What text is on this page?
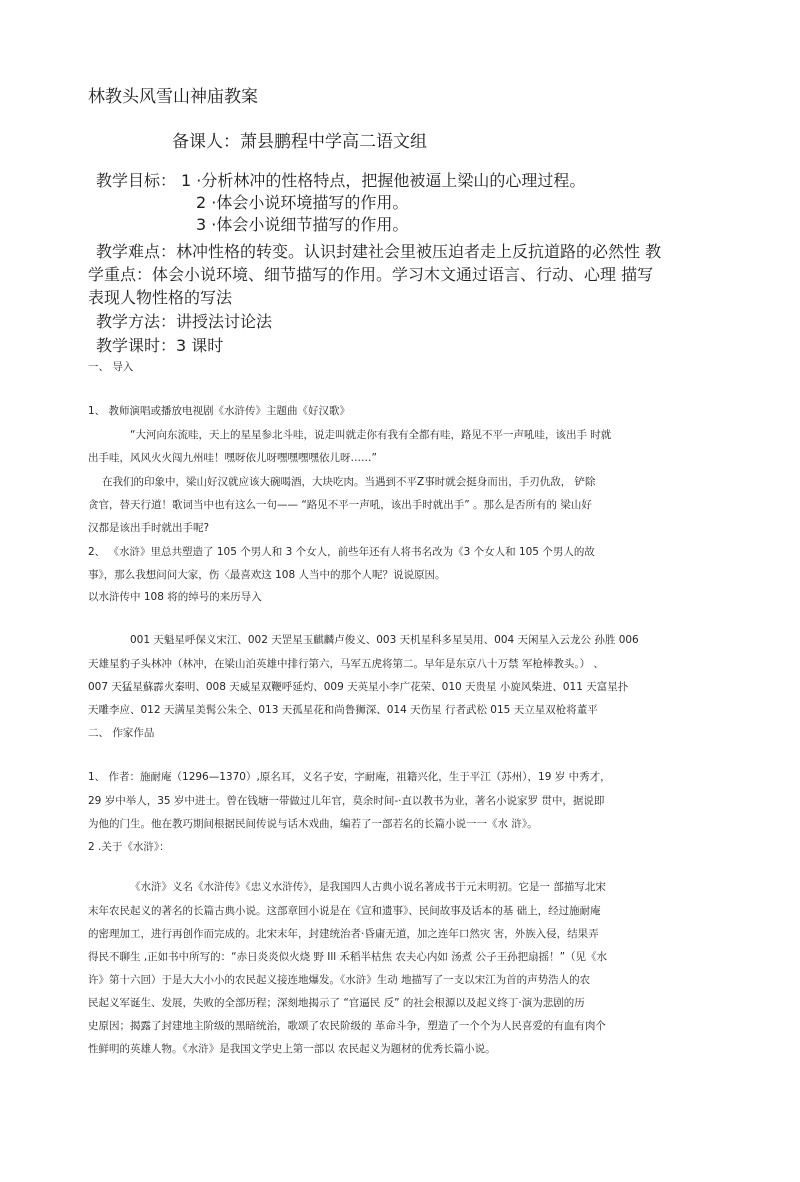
林教头风雪山神庙教案

备课人：萧县鹏程中学高二语文组

教学目标： 1 ·分析林冲的性格特点，把握他被逼上梁山的心理过程。

2 ·体会小说环境描写的作用。

3 ·体会小说细节描写的作用。

教学难点：林冲性格的转变。认识封建社会里被压迫者走上反抗道路的必然性 教

学重点：体会小说环境、细节描写的作用。学习木文通过语言、行动、心理 描写

表现人物性格的写法

教学方法：讲授法讨论法

教学课时：3 课时

一、 导入

1、 教师演唱或播放电视剧《水浒传》主题曲《好汉歌》

“大河向东流哇，天上的星星参北斗哇，说走叫就走你有我有全都有哇，路见不平一声吼哇，该出手 时就

出手哇，风风火火闯九州哇！嘿呀依儿呀嘿嘿嘿嘿依儿呀……”

在我们的印象中，梁山好汉就应该大碗喝酒，大块吃肉。当遇到不平Z事时就会挺身而出，手刃仇敌， 铲除

贪官，替天行道！歌词当中也有这么一句—— “路见不平一声吼，该出手时就出手” 。那么是否所有的 梁山好

汉都是该出手时就出手呢?

2、 《水浒》里总共塑造了 105 个男人和 3 个女人，前些年还有人将书名改为《3 个女人和 105 个男人的故

事》，那么我想问问大家，伤〈最喜欢这 108 人当中的那个人呢？说说原因。

以水浒传中 108 将的绰号的来历导入

001 天魁星呼保义宋江、002 天罡星玉麒麟卢俊义、003 天机星科多星吴用、004 天闲星入云龙公 孙胜 006

天雄星豹子头林冲（林冲，在梁山泊英雄中排行第六，马军五虎将第二。早年是东京八十万禁 军枪棒教头。） 、

007 天猛星蘇霹火秦明、008 天威星双鞭呼延灼、009 天英星小李广花荣、010 天贵星 小旋风柴进、011 天富星扑

天雕李应、012 天满星美髯公朱仝、013 天孤星花和尚鲁狮深、014 天伤星 行者武松 015 天立星双枪将董平

二、 作家作品

1、 作者：施耐庵（1296—1370）,原名耳，义名子安，字耐庵，祖籍兴化，生于平江（苏州），19 岁 中秀才，

29 岁中举人，35 岁中进士。曾在钱塘一带做过儿年官，莫余时间-·直以教书为业，著名小说家罗 贯中，据说即

为他的门生。他在教巧期间根据民间传说与话木戏曲，编若了一部若名的长篇小说一一《水 浒》。

2 .关于《水浒》：

《水浒》义名《水浒传》《忠义水浒传》，是我国四人古典小说名著成书于元末明初。它是一 部描写北宋

末年农民起义的著名的长篇古典小说。这部章回小说是在《宣和遗事》、民间故事及话本的基 础上，经过施耐庵

的密理加工，进行再创作而完成的。北宋末年，封建统治者·昏庸无道，加之连年口然灾 害，外族入侵，结果弄

得民不聊生 ,正如书中所写的：“赤日炎炎似火烧 野 Ill 禾稻半枯焦 农夫心内如 汤煮 公子王孙把扇摇！”（见《水

许》第十六回）于是大大小小的农民起义接连地爆发。《水浒》生动 地描写了一支以宋江为首的声势浩人的农

民起义军诞生、发展，失败的全部历程；深刻地揭示了 “官逼民 反” 的社会根源以及起义终丁·演为悲剧的历

史原因；揭露了封建地主阶级的黑暗统治，歌颂了农民阶级的 革命斗争，塑造了一个个为人民喜爱的有血有肉个

性鲜明的英雄人物。《水浒》是我国文学史上第一部以 农民起义为题材的优秀长篇小说。
